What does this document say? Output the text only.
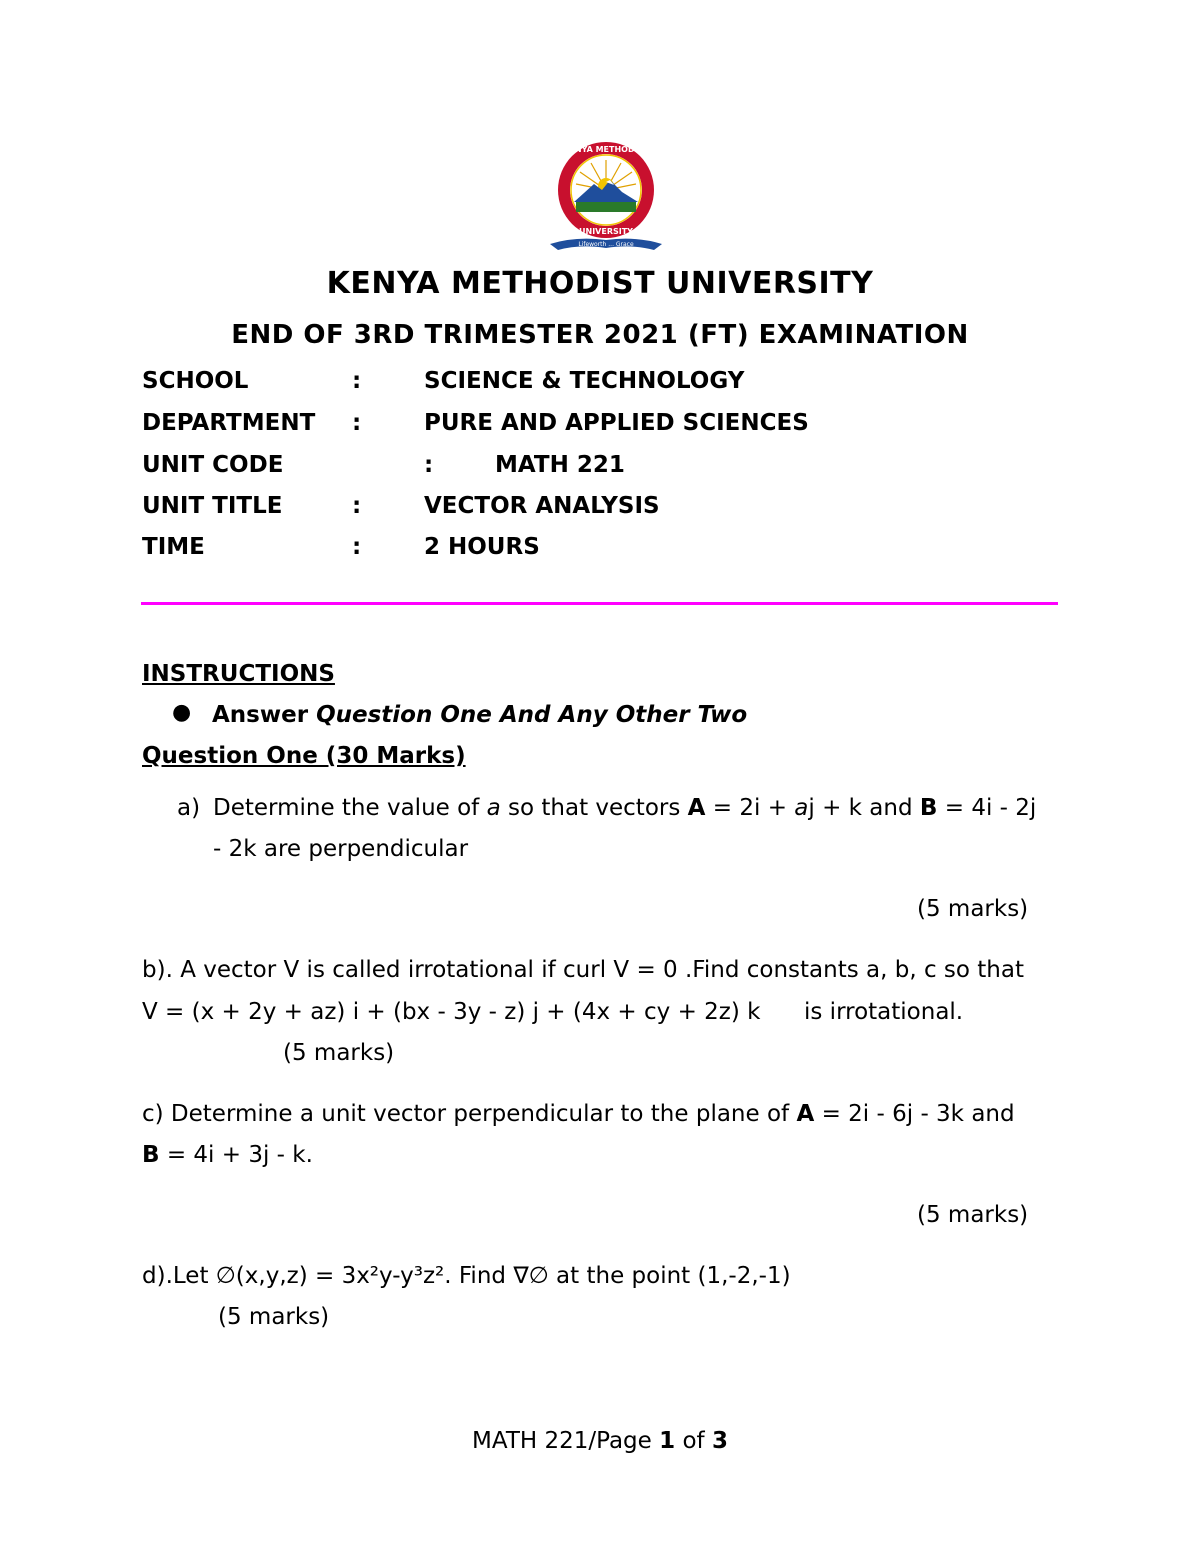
Lifeworth ... Grace
KENYA METHODIST
UNIVERSITY
KENYA METHODIST UNIVERSITY
END OF 3RD TRIMESTER 2021 (FT) EXAMINATION
SCHOOL	:	SCIENCE & TECHNOLOGY
DEPARTMENT :	PURE AND APPLIED SCIENCES
UNIT CODE	:	MATH 221
UNIT TITLE	:	VECTOR ANALYSIS
TIME	:	2 HOURS
INSTRUCTIONS
● Answer Question One And Any Other Two
Question One (30 Marks)
a) Determine the value of a so that vectors A = 2i + aj + k and B = 4i - 2j
- 2k are perpendicular
(5 marks)
b). A vector V is called irrotational if curl V = 0 .Find constants a, b, c so that
V = (x + 2y + az) i + (bx - 3y - z) j + (4x + cy + 2z) k is irrotational.
(5 marks)
c) Determine a unit vector perpendicular to the plane of A = 2i - 6j - 3k and
B = 4i + 3j - k.
(5 marks)
d).Let ∅(x,y,z) = 3x²y-y³z². Find ∇∅ at the point (1,-2,-1)
(5 marks)
MATH 221/Page 1 of 3
